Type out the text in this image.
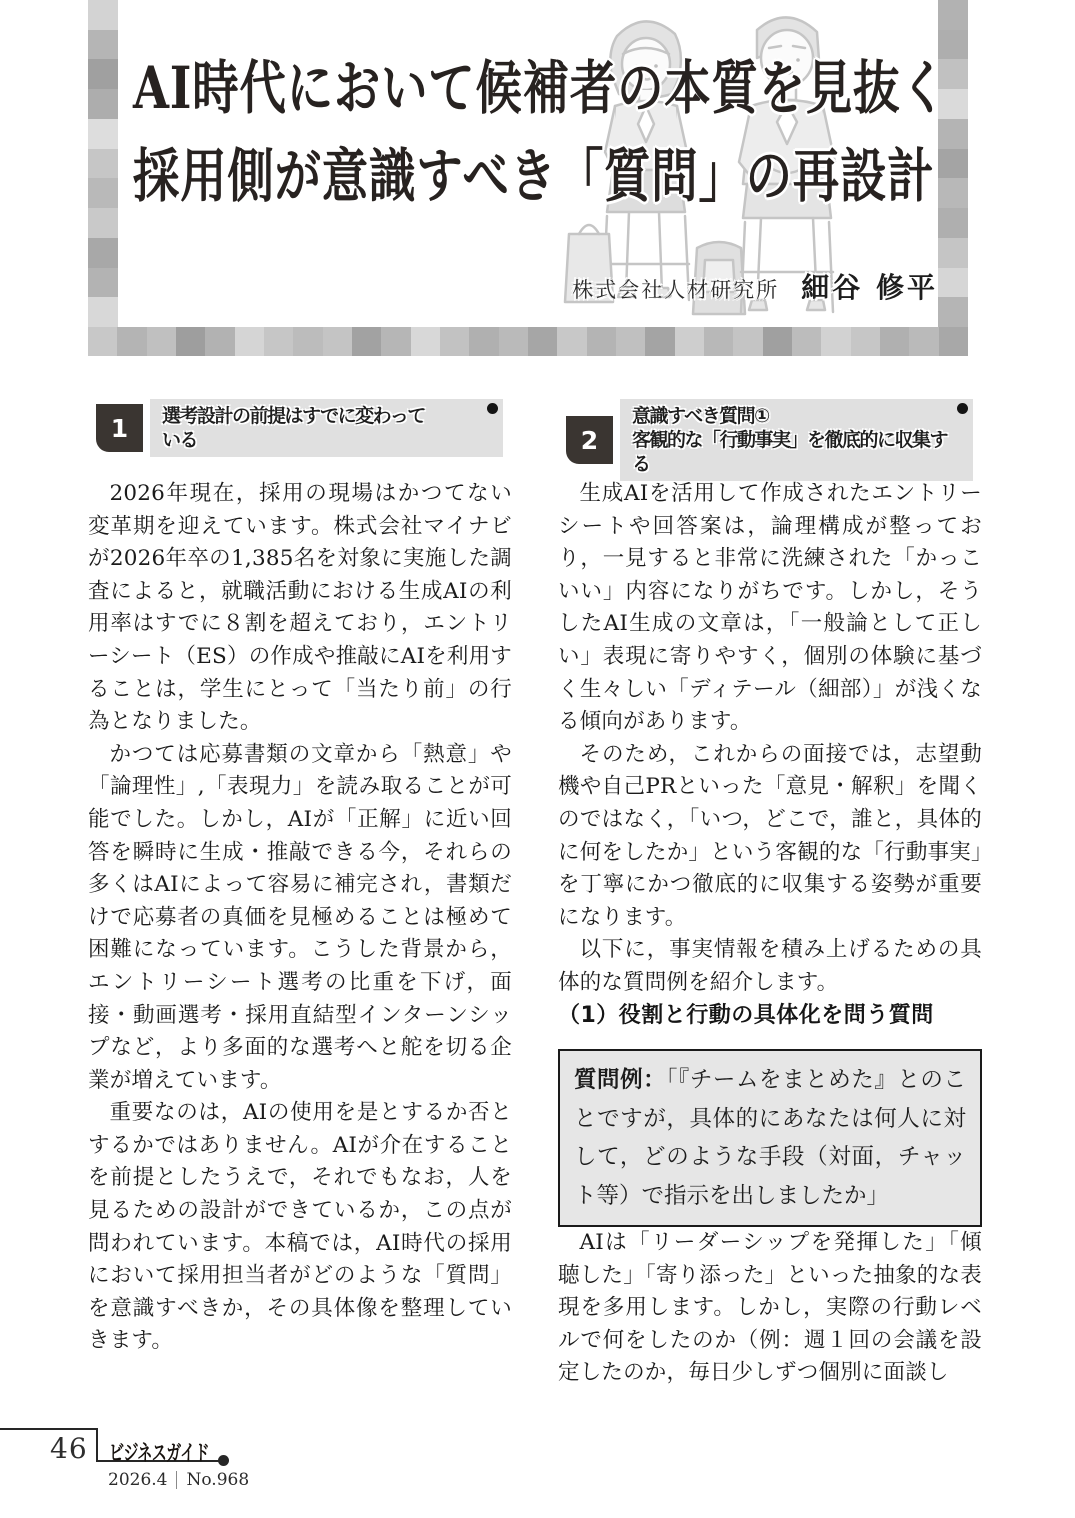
AI時代において候補者の本質を見抜く
採用側が意識すべき「質問」の再設計
株式会社人材研究所 細谷 修平
1	選考設計の前提はすでに変わって
いる	2
意識すべき質問①
客観的な「行動事実」を徹底的に収集する

2026年現在，採用の現場はかつてない変革期を迎えています。株式会社マイナビが2026年卒の1,385名を対象に実施した調査によると，就職活動における生成AIの利用率はすでに８割を超えており，エントリーシート（ES）の作成や推敲にAIを利用することは，学生にとって「当たり前」の行為となりました。

かつては応募書類の文章から「熱意」や「論理性」,「表現力」を読み取ることが可能でした。しかし，AIが「正解」に近い回答を瞬時に生成・推敲できる今，それらの多くはAIによって容易に補完され，書類だけで応募者の真価を見極めることは極めて困難になっています。こうした背景から，エントリーシート選考の比重を下げ，面接・動画選考・採用直結型インターンシップなど，より多面的な選考へと舵を切る企業が増えています。

重要なのは，AIの使用を是とするか否とするかではありません。AIが介在することを前提としたうえで，それでもなお，人を見るための設計ができているか，この点が問われています。本稿では，AI時代の採用において採用担当者がどのような「質問」を意識すべきか，その具体像を整理していきます。

生成AIを活用して作成されたエントリーシートや回答案は，論理構成が整っており，一見すると非常に洗練された「かっこいい」内容になりがちです。しかし，そうしたAI生成の文章は，「一般論として正しい」表現に寄りやすく，個別の体験に基づく生々しい「ディテール（細部）」が浅くなる傾向があります。

そのため，これからの面接では，志望動機や自己PRといった「意見・解釈」を聞くのではなく，「いつ，どこで，誰と，具体的に何をしたか」という客観的な「行動事実」を丁寧にかつ徹底的に収集する姿勢が重要になります。

以下に，事実情報を積み上げるための具体的な質問例を紹介します。

（1）役割と行動の具体化を問う質問

質問例：「『チームをまとめた』とのことですが，具体的にあなたは何人に対して，どのような手段（対面，チャット等）で指示を出しましたか」

AIは「リーダーシップを発揮した」「傾聴した」「寄り添った」といった抽象的な表現を多用します。しかし，実際の行動レベルで何をしたのか（例：週１回の会議を設定したのか，毎日少しずつ個別に面談し

46 ビジネスガイド
2026.4 No.968
